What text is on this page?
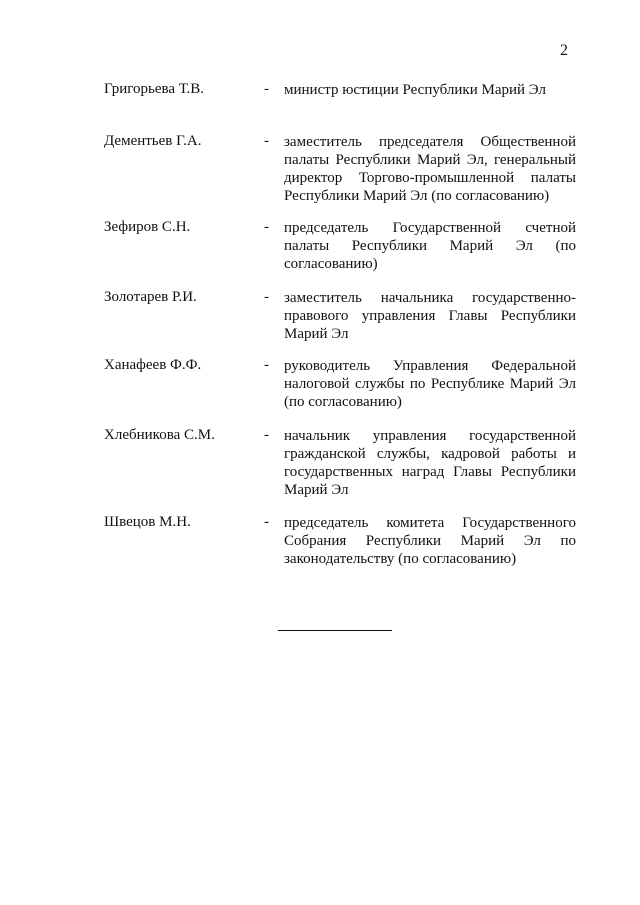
2
Григорьева Т.В.	- министр юстиции Республики Марий Эл
Дементьев Г.А.	- заместитель председателя Общественной палаты Республики Марий Эл, генеральный директор Торгово-промышленной палаты Республики Марий Эл (по согласованию)
Зефиров С.Н.	- председатель Государственной счетной палаты Республики Марий Эл (по согласованию)
Золотарев Р.И.	- заместитель начальника государственно-правового управления Главы Республики Марий Эл
Ханафеев Ф.Ф.	- руководитель Управления Федеральной налоговой службы по Республике Марий Эл (по согласованию)
Хлебникова С.М.	- начальник управления государственной гражданской службы, кадровой работы и государственных наград Главы Республики Марий Эл
Швецов М.Н.	- председатель комитета Государственного Собрания Республики Марий Эл по законодательству (по согласованию)
